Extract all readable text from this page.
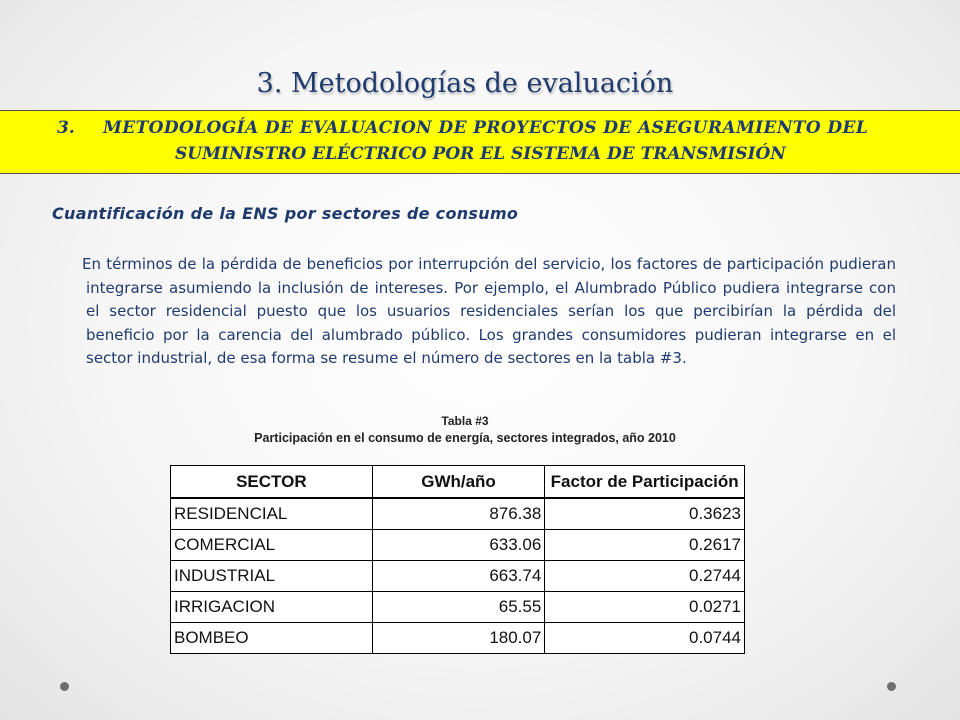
3. Metodologías de evaluación
3. METODOLOGÍA DE EVALUACION DE PROYECTOS DE ASEGURAMIENTO DEL
SUMINISTRO ELÉCTRICO POR EL SISTEMA DE TRANSMISIÓN
Cuantificación de la ENS por sectores de consumo
En términos de la pérdida de beneficios por interrupción del servicio, los factores de participación pudieran integrarse asumiendo la inclusión de intereses. Por ejemplo, el Alumbrado Público pudiera integrarse con el sector residencial puesto que los usuarios residenciales serían los que percibirían la pérdida del beneficio por la carencia del alumbrado público. Los grandes consumidores pudieran integrarse en el sector industrial, de esa forma se resume el número de sectores en la tabla #3.
Tabla #3
Participación en el consumo de energía, sectores integrados, año 2010
SECTOR	GWh/año	Factor de Participación
RESIDENCIAL	876.38	0.3623
COMERCIAL	633.06	0.2617
INDUSTRIAL	663.74	0.2744
IRRIGACION	65.55	0.0271
BOMBEO	180.07	0.0744
